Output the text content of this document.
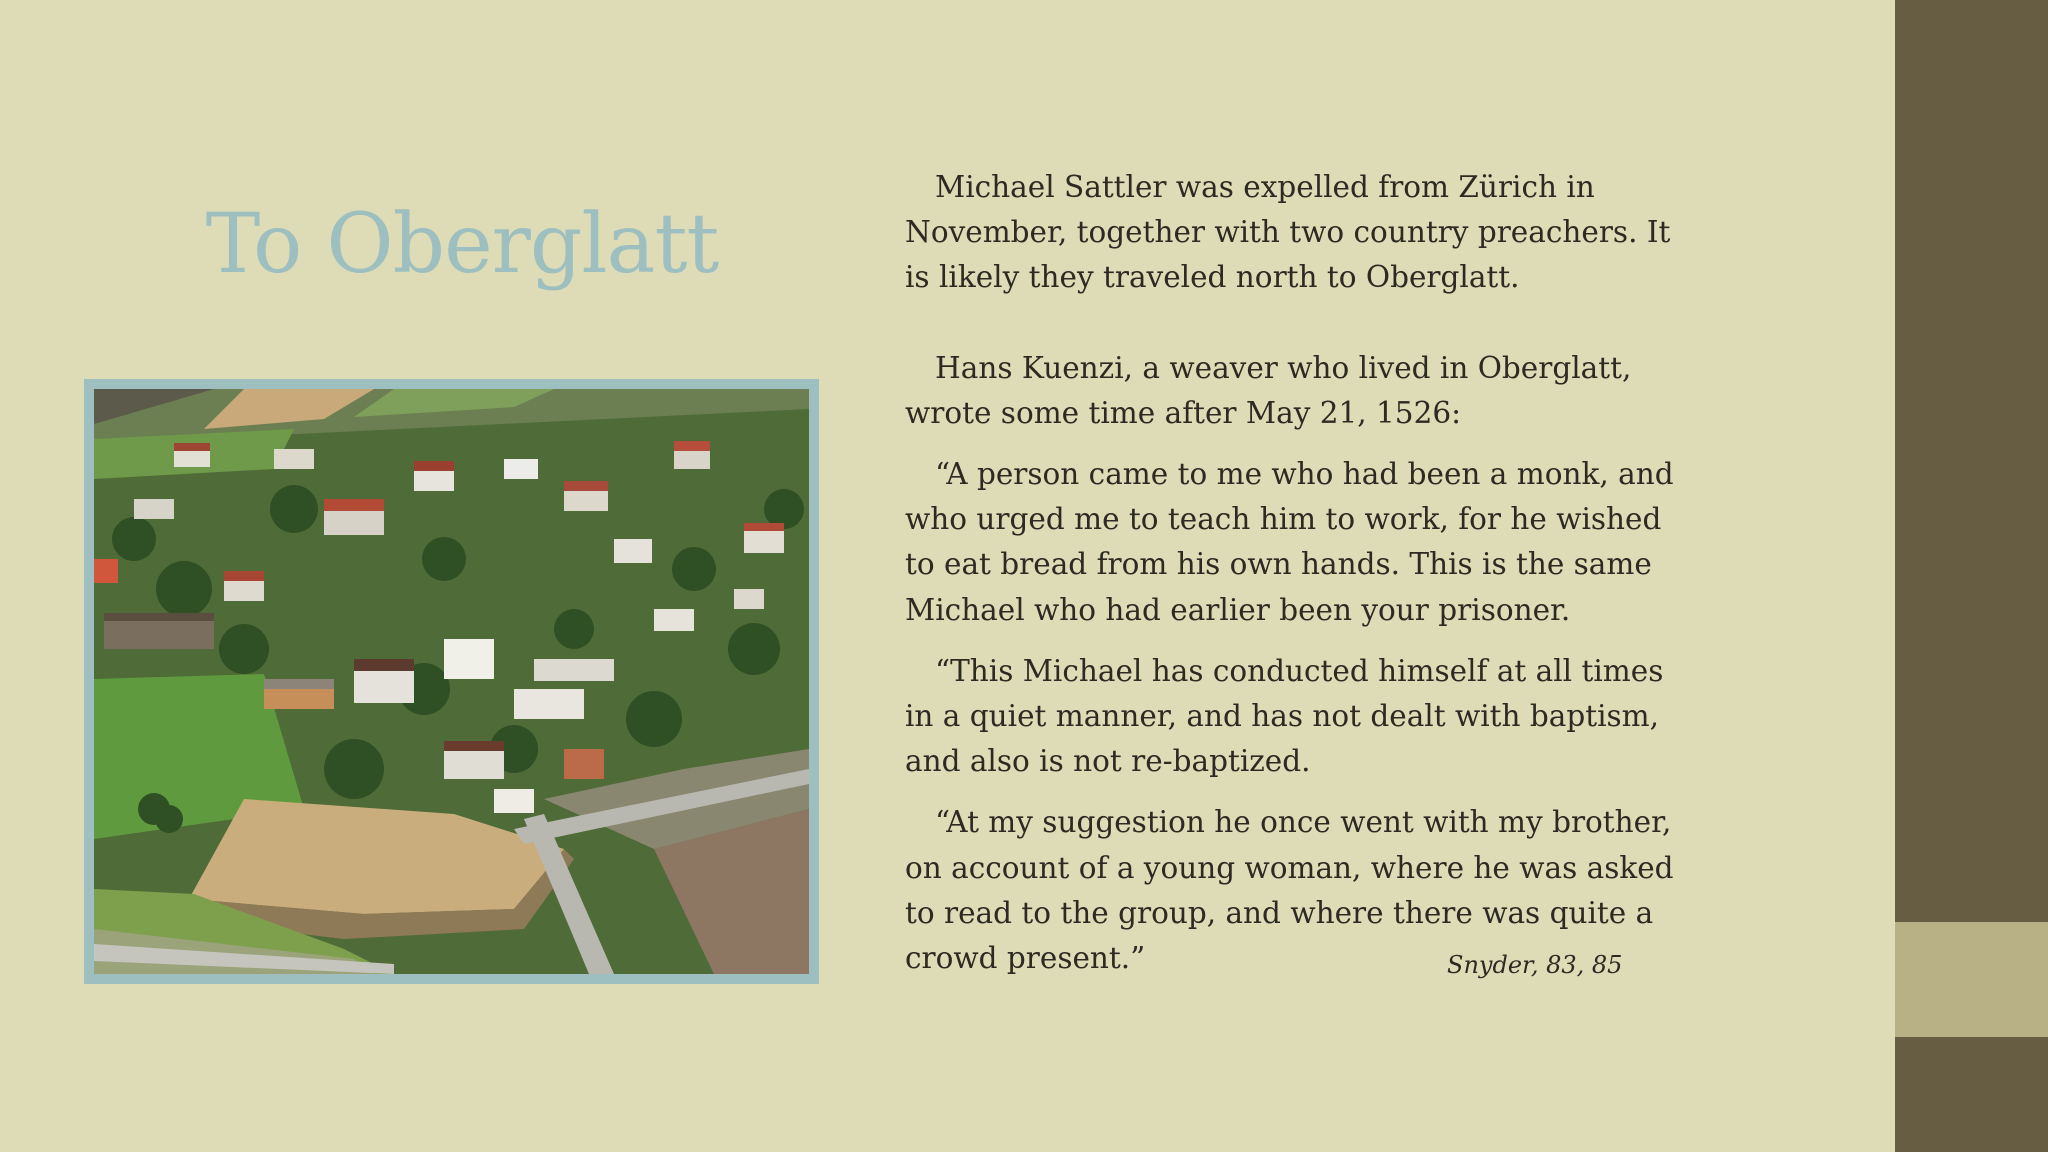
To Oberglatt

Michael Sattler was expelled from Zürich in
November, together with two country preachers. It
is likely they traveled north to Oberglatt.

Hans Kuenzi, a weaver who lived in Oberglatt,
wrote some time after May 21, 1526:

“A person came to me who had been a monk, and
who urged me to teach him to work, for he wished
to eat bread from his own hands. This is the same
Michael who had earlier been your prisoner.

“This Michael has conducted himself at all times
in a quiet manner, and has not dealt with baptism,
and also is not re-baptized.

“At my suggestion he once went with my brother,
on account of a young woman, where he was asked
to read to the group, and where there was quite a
crowd present.”	Snyder, 83, 85
